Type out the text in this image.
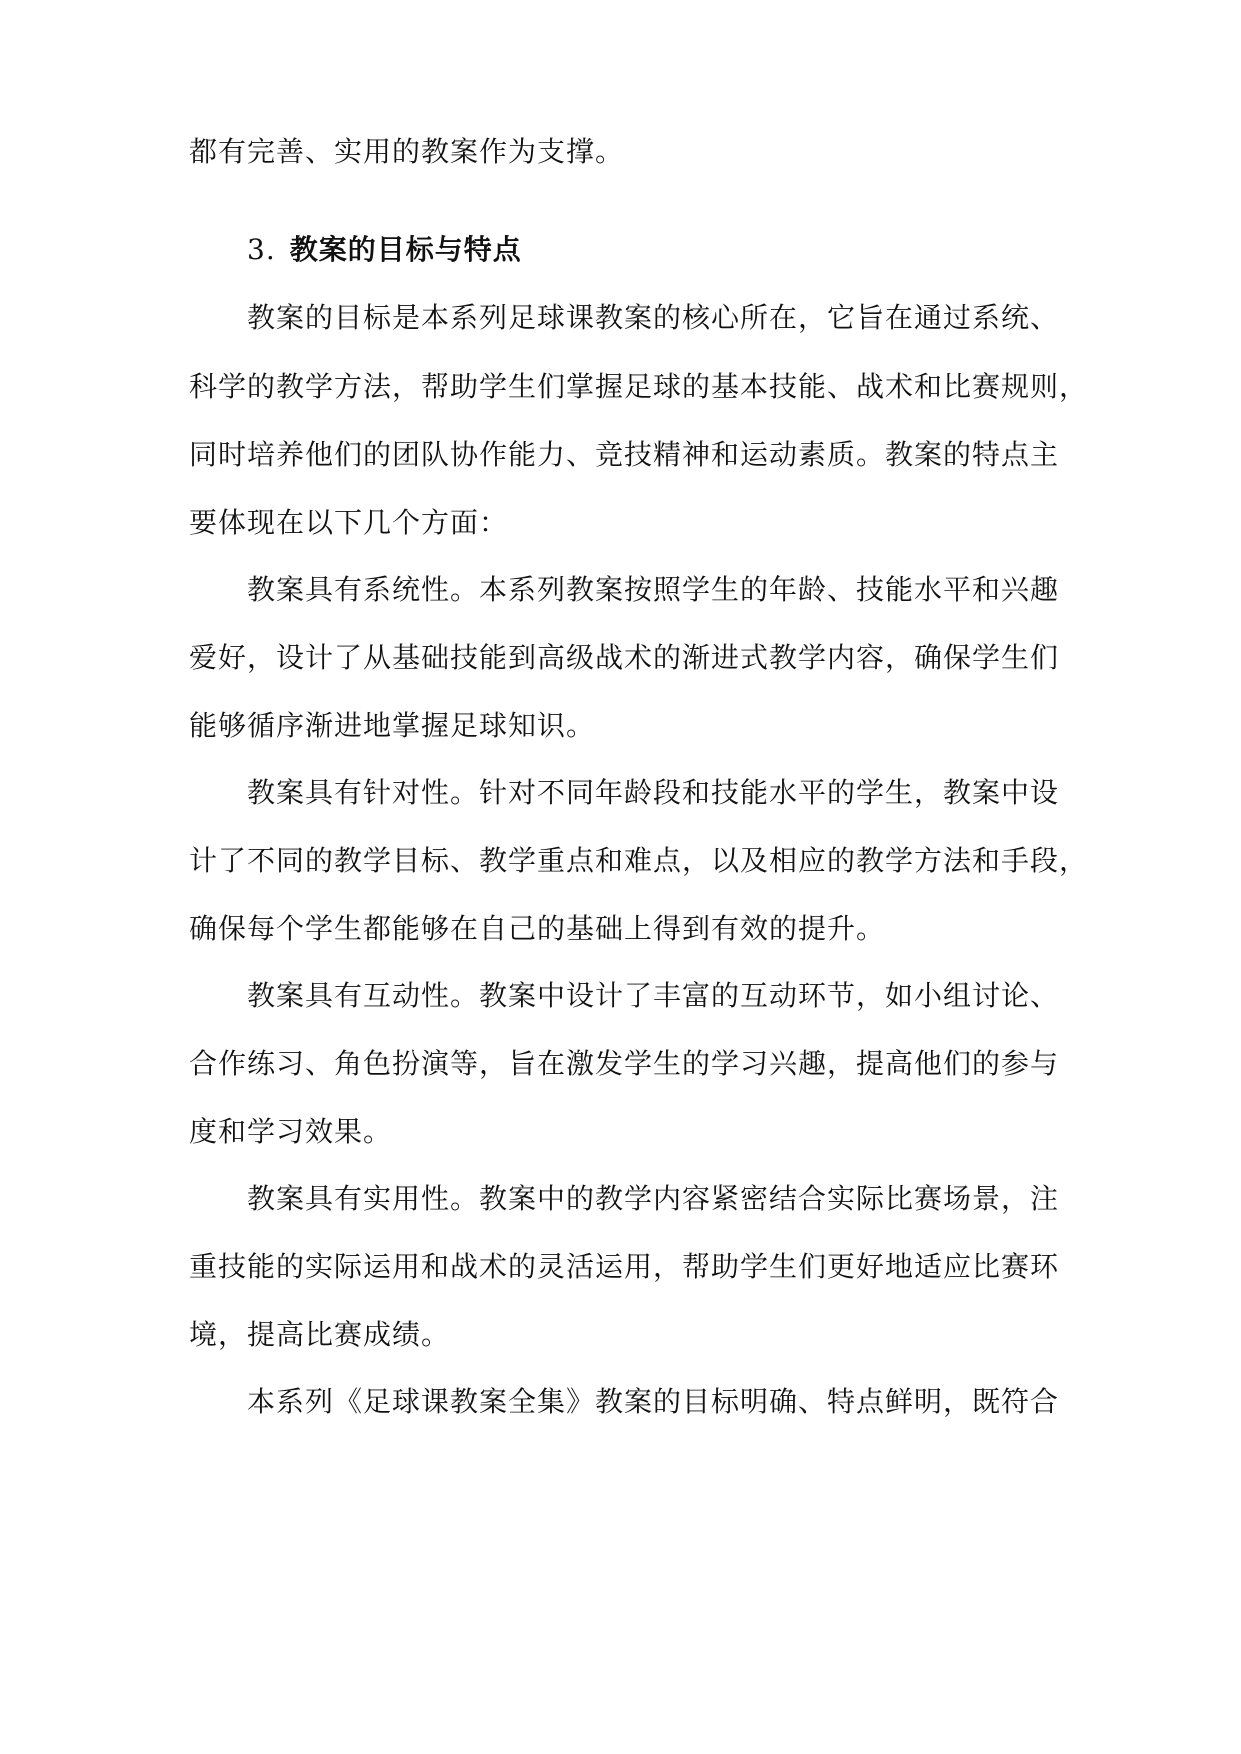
都有完善、实用的教案作为支撑。
3. 教案的目标与特点
教案的目标是本系列足球课教案的核心所在，它旨在通过系统、
科学的教学方法，帮助学生们掌握足球的基本技能、战术和比赛规则，
同时培养他们的团队协作能力、竞技精神和运动素质。教案的特点主
要体现在以下几个方面：
教案具有系统性。本系列教案按照学生的年龄、技能水平和兴趣
爱好，设计了从基础技能到高级战术的渐进式教学内容，确保学生们
能够循序渐进地掌握足球知识。
教案具有针对性。针对不同年龄段和技能水平的学生，教案中设
计了不同的教学目标、教学重点和难点，以及相应的教学方法和手段，
确保每个学生都能够在自己的基础上得到有效的提升。
教案具有互动性。教案中设计了丰富的互动环节，如小组讨论、
合作练习、角色扮演等，旨在激发学生的学习兴趣，提高他们的参与
度和学习效果。
教案具有实用性。教案中的教学内容紧密结合实际比赛场景，注
重技能的实际运用和战术的灵活运用，帮助学生们更好地适应比赛环
境，提高比赛成绩。
本系列《足球课教案全集》教案的目标明确、特点鲜明，既符合
